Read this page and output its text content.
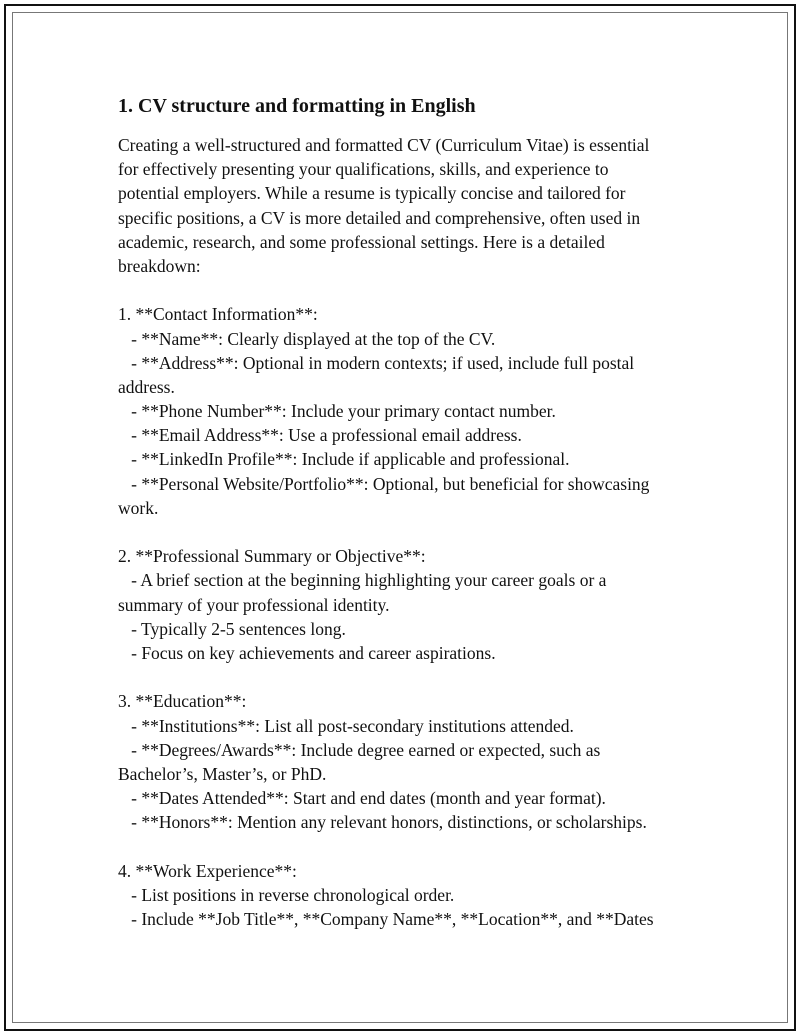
1. CV structure and formatting in English
Creating a well-structured and formatted CV (Curriculum Vitae) is essential
for effectively presenting your qualifications, skills, and experience to
potential employers. While a resume is typically concise and tailored for
specific positions, a CV is more detailed and comprehensive, often used in
academic, research, and some professional settings. Here is a detailed
breakdown:
1. **Contact Information**:
- **Name**: Clearly displayed at the top of the CV.
- **Address**: Optional in modern contexts; if used, include full postal
address.
- **Phone Number**: Include your primary contact number.
- **Email Address**: Use a professional email address.
- **LinkedIn Profile**: Include if applicable and professional.
- **Personal Website/Portfolio**: Optional, but beneficial for showcasing
work.
2. **Professional Summary or Objective**:
- A brief section at the beginning highlighting your career goals or a
summary of your professional identity.
- Typically 2-5 sentences long.
- Focus on key achievements and career aspirations.
3. **Education**:
- **Institutions**: List all post-secondary institutions attended.
- **Degrees/Awards**: Include degree earned or expected, such as
Bachelor’s, Master’s, or PhD.
- **Dates Attended**: Start and end dates (month and year format).
- **Honors**: Mention any relevant honors, distinctions, or scholarships.
4. **Work Experience**:
- List positions in reverse chronological order.
- Include **Job Title**, **Company Name**, **Location**, and **Dates
